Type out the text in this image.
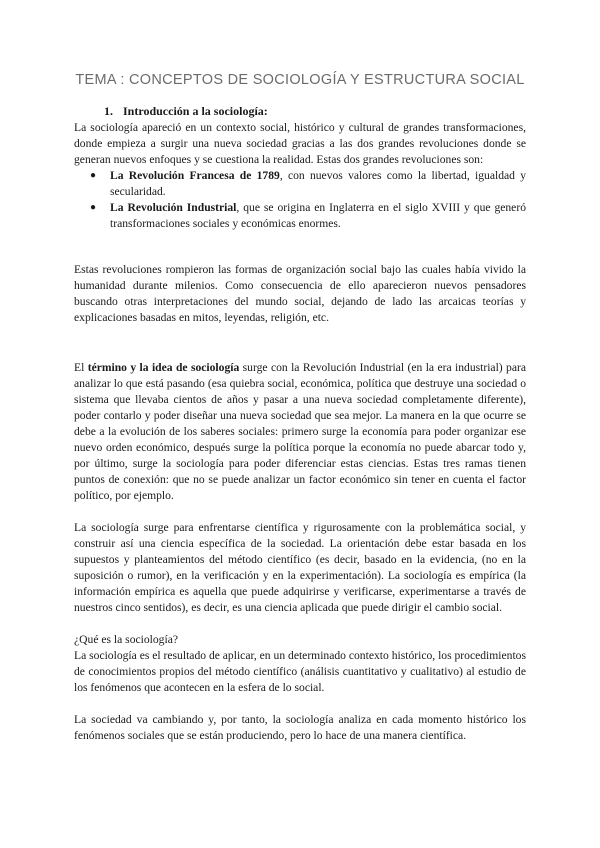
TEMA : CONCEPTOS DE SOCIOLOGÍA Y ESTRUCTURA SOCIAL
1. Introducción a la sociología:

La sociología apareció en un contexto social, histórico y cultural de grandes transformaciones, donde empieza a surgir una nueva sociedad gracias a las dos grandes revoluciones donde se generan nuevos enfoques y se cuestiona la realidad. Estas dos grandes revoluciones son:

● La Revolución Francesa de 1789, con nuevos valores como la libertad, igualdad y secularidad.
● La Revolución Industrial, que se origina en Inglaterra en el siglo XVIII y que generó transformaciones sociales y económicas enormes.

Estas revoluciones rompieron las formas de organización social bajo las cuales había vivido la humanidad durante milenios. Como consecuencia de ello aparecieron nuevos pensadores buscando otras interpretaciones del mundo social, dejando de lado las arcaicas teorías y explicaciones basadas en mitos, leyendas, religión, etc.

El término y la idea de sociología surge con la Revolución Industrial (en la era industrial) para analizar lo que está pasando (esa quiebra social, económica, política que destruye una sociedad o sistema que llevaba cientos de años y pasar a una nueva sociedad completamente diferente), poder contarlo y poder diseñar una nueva sociedad que sea mejor. La manera en la que ocurre se debe a la evolución de los saberes sociales: primero surge la economía para poder organizar ese nuevo orden económico, después surge la política porque la economía no puede abarcar todo y, por último, surge la sociología para poder diferenciar estas ciencias. Estas tres ramas tienen puntos de conexión: que no se puede analizar un factor económico sin tener en cuenta el factor político, por ejemplo.

La sociología surge para enfrentarse científica y rigurosamente con la problemática social, y construir así una ciencia específica de la sociedad. La orientación debe estar basada en los supuestos y planteamientos del método científico (es decir, basado en la evidencia, (no en la suposición o rumor), en la verificación y en la experimentación). La sociología es empírica (la información empírica es aquella que puede adquirirse y verificarse, experimentarse a través de nuestros cinco sentidos), es decir, es una ciencia aplicada que puede dirigir el cambio social.

¿Qué es la sociología?

La sociología es el resultado de aplicar, en un determinado contexto histórico, los procedimientos de conocimientos propios del método científico (análisis cuantitativo y cualitativo) al estudio de los fenómenos que acontecen en la esfera de lo social.

La sociedad va cambiando y, por tanto, la sociología analiza en cada momento histórico los fenómenos sociales que se están produciendo, pero lo hace de una manera científica.
